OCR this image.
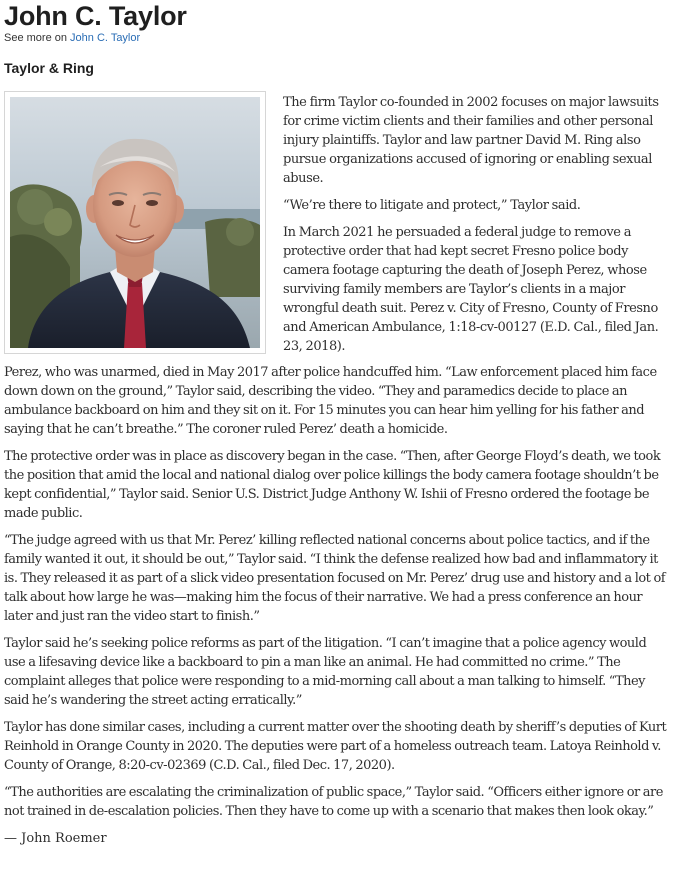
John C. Taylor
See more on John C. Taylor
Taylor & Ring

The firm Taylor co-founded in 2002 focuses on major lawsuits for crime victim clients and their families and other personal injury plaintiffs. Taylor and law partner David M. Ring also pursue organizations accused of ignoring or enabling sexual abuse.

“We’re there to litigate and protect,” Taylor said.

In March 2021 he persuaded a federal judge to remove a protective order that had kept secret Fresno police body camera footage capturing the death of Joseph Perez, whose surviving family members are Taylor’s clients in a major wrongful death suit. Perez v. City of Fresno, County of Fresno and American Ambulance, 1:18-cv-00127 (E.D. Cal., filed Jan. 23, 2018).

Perez, who was unarmed, died in May 2017 after police handcuffed him. “Law enforcement placed him face down down on the ground,” Taylor said, describing the video. “They and paramedics decide to place an ambulance backboard on him and they sit on it. For 15 minutes you can hear him yelling for his father and saying that he can’t breathe.” The coroner ruled Perez’ death a homicide.

The protective order was in place as discovery began in the case. “Then, after George Floyd’s death, we took the position that amid the local and national dialog over police killings the body camera footage shouldn’t be kept confidential,” Taylor said. Senior U.S. District Judge Anthony W. Ishii of Fresno ordered the footage be made public.

“The judge agreed with us that Mr. Perez’ killing reflected national concerns about police tactics, and if the family wanted it out, it should be out,” Taylor said. “I think the defense realized how bad and inflammatory it is. They released it as part of a slick video presentation focused on Mr. Perez’ drug use and history and a lot of talk about how large he was—making him the focus of their narrative. We had a press conference an hour later and just ran the video start to finish.”

Taylor said he’s seeking police reforms as part of the litigation. “I can’t imagine that a police agency would use a lifesaving device like a backboard to pin a man like an animal. He had committed no crime.” The complaint alleges that police were responding to a mid-morning call about a man talking to himself. “They said he’s wandering the street acting erratically.”

Taylor has done similar cases, including a current matter over the shooting death by sheriff’s deputies of Kurt Reinhold in Orange County in 2020. The deputies were part of a homeless outreach team. Latoya Reinhold v. County of Orange, 8:20-cv-02369 (C.D. Cal., filed Dec. 17, 2020).

“The authorities are escalating the criminalization of public space,” Taylor said. “Officers either ignore or are not trained in de-escalation policies. Then they have to come up with a scenario that makes then look okay.”

— John Roemer
